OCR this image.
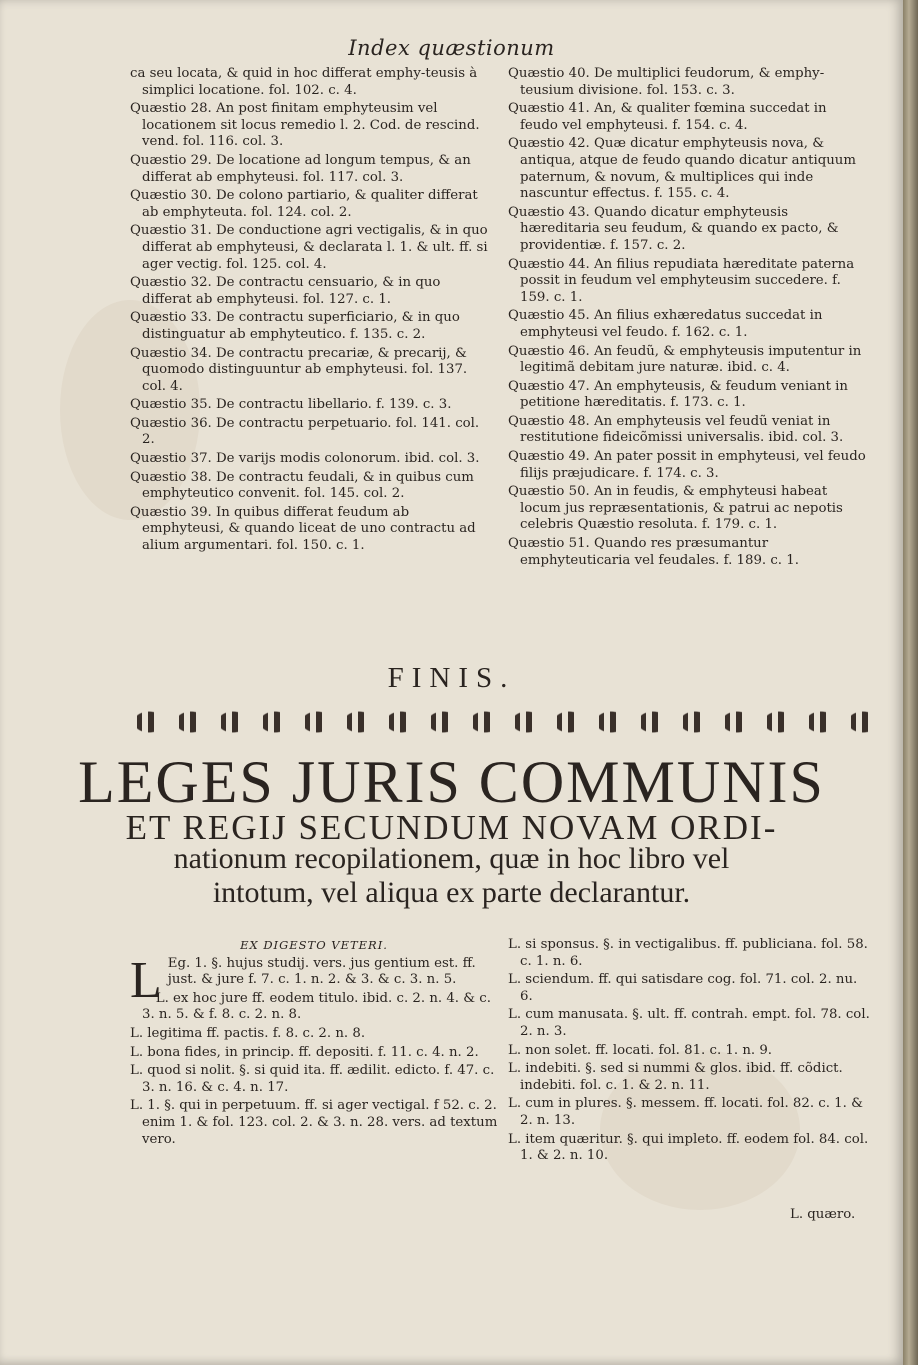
Index quæstionum
ca seu locata, & quid in hoc differat emphy-teusis à simplici locatione. fol. 102. c. 4.
Quæstio 28. An post finitam emphyteusim vel locationem sit locus remedio l. 2. Cod. de rescind. vend. fol. 116. col. 3.
Quæstio 29. De locatione ad longum tempus, & an differat ab emphyteusi. fol. 117. col. 3.
Quæstio 30. De colono partiario, & qualiter differat ab emphyteuta. fol. 124. col. 2.
Quæstio 31. De conductione agri vectigalis, & in quo differat ab emphyteusi, & declarata l. 1. & ult. ff. si ager vectig. fol. 125. col. 4.
Quæstio 32. De contractu censuario, & in quo differat ab emphyteusi. fol. 127. c. 1.
Quæstio 33. De contractu superficiario, & in quo distinguatur ab emphyteutico. f. 135. c. 2.
Quæstio 34. De contractu precariæ, & precarij, & quomodo distinguuntur ab emphyteusi. fol. 137. col. 4.
Quæstio 35. De contractu libellario. f. 139. c. 3.
Quæstio 36. De contractu perpetuario. fol. 141. col. 2.
Quæstio 37. De varijs modis colonorum. ibid. col. 3.
Quæstio 38. De contractu feudali, & in quibus cum emphyteutico convenit. fol. 145. col. 2.
Quæstio 39. In quibus differat feudum ab emphyteusi, & quando liceat de uno contractu ad alium argumentari. fol. 150. c. 1.
Quæstio 40. De multiplici feudorum, & emphy-teusium divisione. fol. 153. c. 3.
Quæstio 41. An, & qualiter fœmina succedat in feudo vel emphyteusi. f. 154. c. 4.
Quæstio 42. Quæ dicatur emphyteusis nova, & antiqua, atque de feudo quando dicatur antiquum paternum, & novum, & multiplices qui inde nascuntur effectus. f. 155. c. 4.
Quæstio 43. Quando dicatur emphyteusis hæreditaria seu feudum, & quando ex pacto, & providentiæ. f. 157. c. 2.
Quæstio 44. An filius repudiata hæreditate paterna possit in feudum vel emphyteusim succedere. f. 159. c. 1.
Quæstio 45. An filius exhæredatus succedat in emphyteusi vel feudo. f. 162. c. 1.
Quæstio 46. An feudũ, & emphyteusis imputentur in legitimã debitam jure naturæ. ibid. c. 4.
Quæstio 47. An emphyteusis, & feudum veniant in petitione hæreditatis. f. 173. c. 1.
Quæstio 48. An emphyteusis vel feudũ veniat in restitutione fideicõmissi universalis. ibid. col. 3.
Quæstio 49. An pater possit in emphyteusi, vel feudo filijs præjudicare. f. 174. c. 3.
Quæstio 50. An in feudis, & emphyteusi habeat locum jus repræsentationis, & patrui ac nepotis celebris Quæstio resoluta. f. 179. c. 1.
Quæstio 51. Quando res præsumantur emphyteuticaria vel feudales. f. 189. c. 1.
FINIS.
LEGES JURIS COMMUNIS
ET REGIJ SECUNDUM NOVAM ORDI-
nationum recopilationem, quæ in hoc libro vel
intotum, vel aliqua ex parte declarantur.
EX DIGESTO VETERI.
L Eg. 1. §. hujus studij. vers. jus gentium est. ff. just. & jure f. 7. c. 1. n. 2. & 3. & c. 3. n. 5.
L. ex hoc jure ff. eodem titulo. ibid. c. 2. n. 4. & c. 3. n. 5. & f. 8. c. 2. n. 8.
L. legitima ff. pactis. f. 8. c. 2. n. 8.
L. bona fides, in princip. ff. depositi. f. 11. c. 4. n. 2.
L. quod si nolit. §. si quid ita. ff. ædilit. edicto. f. 47. c. 3. n. 16. & c. 4. n. 17.
L. 1. §. qui in perpetuum. ff. si ager vectigal. f 52. c. 2. enim 1. & fol. 123. col. 2. & 3. n. 28. vers. ad textum vero.
L. si sponsus. §. in vectigalibus. ff. publiciana. fol. 58. c. 1. n. 6.
L. sciendum. ff. qui satisdare cog. fol. 71. col. 2. nu. 6.
L. cum manusata. §. ult. ff. contrah. empt. fol. 78. col. 2. n. 3.
L. non solet. ff. locati. fol. 81. c. 1. n. 9.
L. indebiti. §. sed si nummi & glos. ibid. ff. cõdict. indebiti. fol. c. 1. & 2. n. 11.
L. cum in plures. §. messem. ff. locati. fol. 82. c. 1. & 2. n. 13.
L. item quæritur. §. qui impleto. ff. eodem fol. 84. col. 1. & 2. n. 10.
L. quæro.
